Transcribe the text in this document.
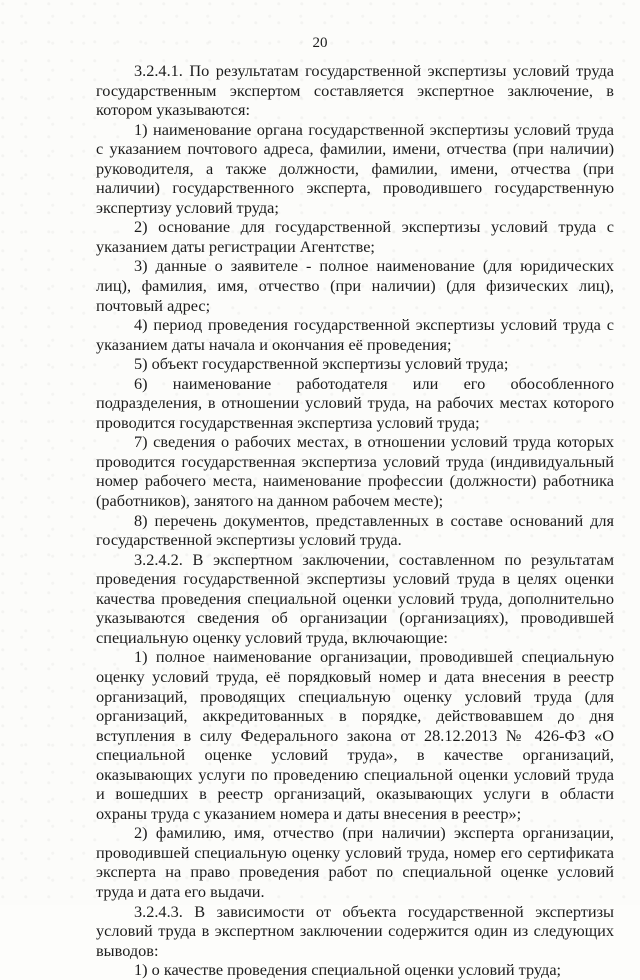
20

3.2.4.1. По результатам государственной экспертизы условий труда государственным экспертом составляется экспертное заключение, в котором указываются:

1) наименование органа государственной экспертизы условий труда с указанием почтового адреса, фамилии, имени, отчества (при наличии) руководителя, а также должности, фамилии, имени, отчества (при наличии) государственного эксперта, проводившего государственную экспертизу условий труда;

2) основание для государственной экспертизы условий труда с указанием даты регистрации Агентстве;

3) данные о заявителе - полное наименование (для юридических лиц), фамилия, имя, отчество (при наличии) (для физических лиц), почтовый адрес;

4) период проведения государственной экспертизы условий труда с указанием даты начала и окончания её проведения;

5) объект государственной экспертизы условий труда;

6) наименование работодателя или его обособленного подразделения, в отношении условий труда, на рабочих местах которого проводится государственная экспертиза условий труда;

7) сведения о рабочих местах, в отношении условий труда которых проводится государственная экспертиза условий труда (индивидуальный номер рабочего места, наименование профессии (должности) работника (работников), занятого на данном рабочем месте);

8) перечень документов, представленных в составе оснований для государственной экспертизы условий труда.

3.2.4.2. В экспертном заключении, составленном по результатам проведения государственной экспертизы условий труда в целях оценки качества проведения специальной оценки условий труда, дополнительно указываются сведения об организации (организациях), проводившей специальную оценку условий труда, включающие:

1) полное наименование организации, проводившей специальную оценку условий труда, её порядковый номер и дата внесения в реестр организаций, проводящих специальную оценку условий труда (для организаций, аккредитованных в порядке, действовавшем до дня вступления в силу Федерального закона от 28.12.2013 № 426-ФЗ «О специальной оценке условий труда», в качестве организаций, оказывающих услуги по проведению специальной оценки условий труда и вошедших в реестр организаций, оказывающих услуги в области охраны труда с указанием номера и даты внесения в реестр»;

2) фамилию, имя, отчество (при наличии) эксперта организации, проводившей специальную оценку условий труда, номер его сертификата эксперта на право проведения работ по специальной оценке условий труда и дата его выдачи.

3.2.4.3. В зависимости от объекта государственной экспертизы условий труда в экспертном заключении содержится один из следующих выводов:

1) о качестве проведения специальной оценки условий труда;
